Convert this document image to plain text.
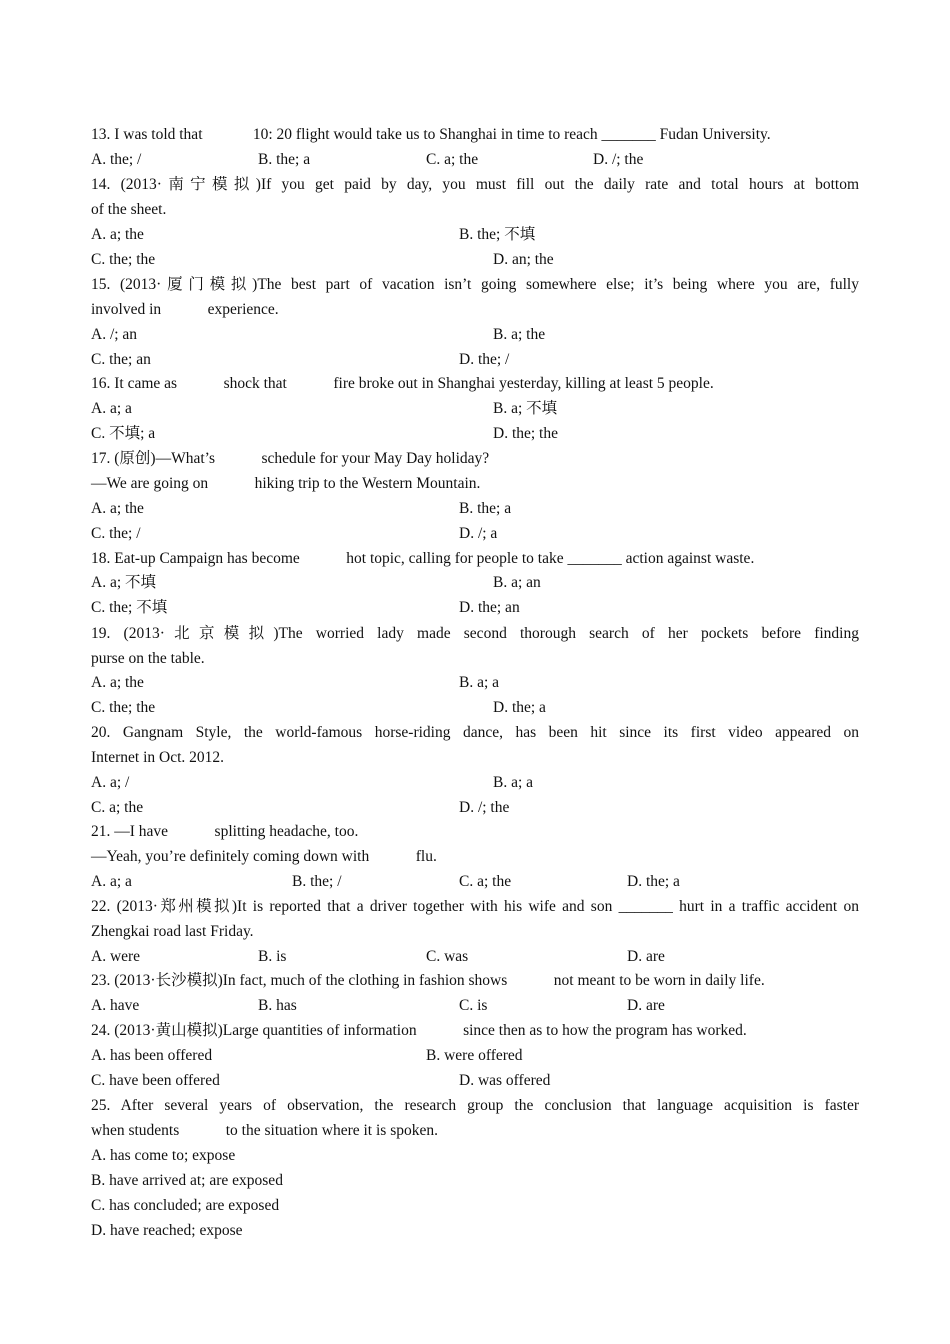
13. I was told that             10: 20 flight would take us to Shanghai in time to reach _______ Fudan University.
A. the; /	B. the; a	C. a; the	D. /; the
14. (2013·南宁模拟)If you get paid by day, you must fill out the daily rate and total hours at bottom
of the sheet.
A. a; the	B. the; 不填
C. the; the	D. an; the
15. (2013·厦门模拟)The best part of vacation isn’t going somewhere else; it’s being where you are, fully
involved in            experience.
A. /; an	B. a; the
C. the; an	D. the; /
16. It came as            shock that            fire broke out in Shanghai yesterday, killing at least 5 people.
A. a; a	B. a; 不填
C. 不填; a	D. the; the
17. (原创)—What’s            schedule for your May Day holiday?
—We are going on            hiking trip to the Western Mountain.
A. a; the	B. the; a
C. the; /	D. /; a
18. Eat-up Campaign has become            hot topic, calling for people to take _______ action against waste.
A. a; 不填	B. a; an
C. the; 不填	D. the; an
19. (2013·北京模拟)The worried lady made second thorough search of her pockets before finding
purse on the table.
A. a; the	B. a; a
C. the; the	D. the; a
20. Gangnam Style, the world-famous horse-riding dance, has been hit since its first video appeared on
Internet in Oct. 2012.
A. a; /	B. a; a
C. a; the	D. /; the
21. —I have            splitting headache, too.
—Yeah, you’re definitely coming down with            flu.
A. a; a	B. the; /	C. a; the	D. the; a
22. (2013·郑州模拟)It is reported that a driver together with his wife and son _______ hurt in a traffic accident on
Zhengkai road last Friday.
A. were	B. is	C. was	D. are
23. (2013·长沙模拟)In fact, much of the clothing in fashion shows            not meant to be worn in daily life.
A. have	B. has	C. is	D. are
24. (2013·黄山模拟)Large quantities of information            since then as to how the program has worked.
A. has been offered	B. were offered
C. have been offered	D. was offered
25. After several years of observation, the research group the conclusion that language acquisition is faster
when students            to the situation where it is spoken.
A. has come to; expose
B. have arrived at; are exposed
C. has concluded; are exposed
D. have reached; expose
